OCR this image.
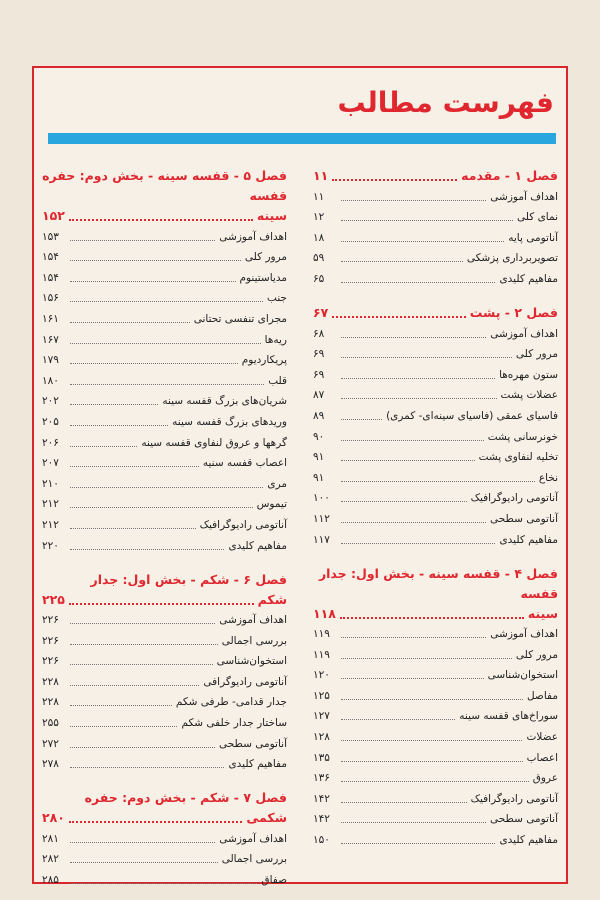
فهرست مطالب
فصل ۱ - مقدمه
۱۱
اهداف آموزشی
۱۱
نمای کلی
۱۲
آناتومی پایه
۱۸
تصویربرداری پزشکی
۵۹
مفاهیم کلیدی
۶۵
فصل ۲ - پشت
۶۷
اهداف آموزشی
۶۸
مرور کلی
۶۹
ستون مهره‌ها
۶۹
عضلات پشت
۸۷
فاسیای عمقی (فاسیای سینه‌ای- کمری)
۸۹
خونرسانی پشت
۹۰
تخلیه لنفاوی پشت
۹۱
نخاع
۹۱
آناتومی رادیوگرافیک
۱۰۰
آناتومی سطحی
۱۱۲
مفاهیم کلیدی
۱۱۷
فصل ۴ - قفسه سینه - بخش اول: جدار قفسه
سینه
۱۱۸
اهداف آموزشی
۱۱۹
مرور کلی
۱۱۹
استخوان‌شناسی
۱۲۰
مفاصل
۱۲۵
سوراخ‌های قفسه سینه
۱۲۷
عضلات
۱۲۸
اعصاب
۱۳۵
عروق
۱۳۶
آناتومی رادیوگرافیک
۱۴۲
آناتومی سطحی
۱۴۲
مفاهیم کلیدی
۱۵۰
فصل ۵ - قفسه سینه - بخش دوم: حفره قفسه
سینه
۱۵۲
اهداف آموزشی
۱۵۳
مرور کلی
۱۵۴
مدیاستینوم
۱۵۴
جنب
۱۵۶
مجرای تنفسی تحتانی
۱۶۱
ریه‌ها
۱۶۷
پریکاردیوم
۱۷۹
قلب
۱۸۰
شریان‌های بزرگ قفسه سینه
۲۰۲
وریدهای بزرگ قفسه سینه
۲۰۵
گرهها و عروق لنفاوی قفسه سینه
۲۰۶
اعصاب قفسه سنیه
۲۰۷
مری
۲۱۰
تیموس
۲۱۲
آناتومی رادیوگرافیک
۲۱۲
مفاهیم کلیدی
۲۲۰
فصل ۶ - شکم - بخش اول: جدار
شکم
۲۲۵
اهداف آموزشی
۲۲۶
بررسی اجمالی
۲۲۶
استخوان‌شناسی
۲۲۶
آناتومی رادیوگرافی
۲۲۸
جدار قدامی- طرفی شکم
۲۲۸
ساختار جدار خلفی شکم
۲۵۵
آناتومی سطحی
۲۷۲
مفاهیم کلیدی
۲۷۸
فصل ۷ - شکم - بخش دوم: حفره
شکمی
۲۸۰
اهداف آموزشی
۲۸۱
بررسی اجمالی
۲۸۲
صفاق
۲۸۵
